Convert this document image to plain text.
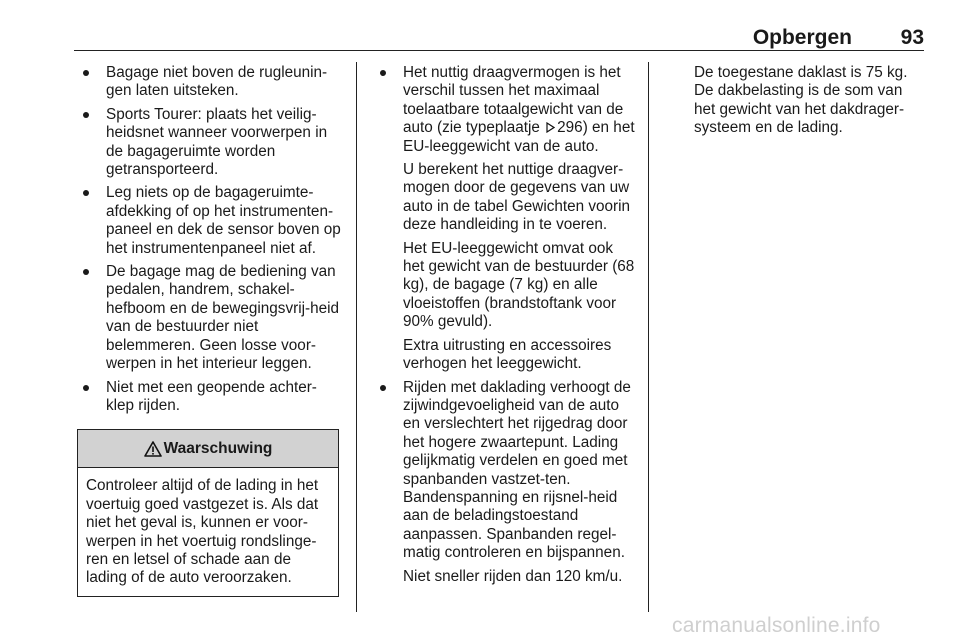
Opbergen 93
Bagage niet boven de rugleunin-gen laten uitsteken.
Sports Tourer: plaats het veilig-heidsnet wanneer voorwerpen in de bagageruimte worden getransporteerd.
Leg niets op de bagageruimte-afdekking of op het instrumenten-paneel en dek de sensor boven op het instrumentenpaneel niet af.
De bagage mag de bediening van pedalen, handrem, schakel-hefboom en de bewegingsvrij-heid van de bestuurder niet belemmeren. Geen losse voor-werpen in het interieur leggen.
Niet met een geopende achter-klep rijden.
Waarschuwing
Controleer altijd of de lading in het voertuig goed vastgezet is. Als dat niet het geval is, kunnen er voor-werpen in het voertuig rondslinge-ren en letsel of schade aan de lading of de auto veroorzaken.
Het nuttig draagvermogen is het verschil tussen het maximaal toelaatbare totaalgewicht van de auto (zie typeplaatje 296) en het EU-leeggewicht van de auto.

U berekent het nuttige draagver-mogen door de gegevens van uw auto in de tabel Gewichten voorin deze handleiding in te voeren.

Het EU-leeggewicht omvat ook het gewicht van de bestuurder (68 kg), de bagage (7 kg) en alle vloeistoffen (brandstoftank voor 90% gevuld).

Extra uitrusting en accessoires verhogen het leeggewicht.

Rijden met daklading verhoogt de zijwindgevoeligheid van de auto en verslechtert het rijgedrag door het hogere zwaartepunt. Lading gelijkmatig verdelen en goed met spanbanden vastzet-ten. Bandenspanning en rijsnel-heid aan de beladingstoestand aanpassen. Spanbanden regel-matig controleren en bijspannen.

Niet sneller rijden dan 120 km/u.

De toegestane daklast is 75 kg. De dakbelasting is de som van het gewicht van het dakdrager-systeem en de lading.

carmanualsonline.info
